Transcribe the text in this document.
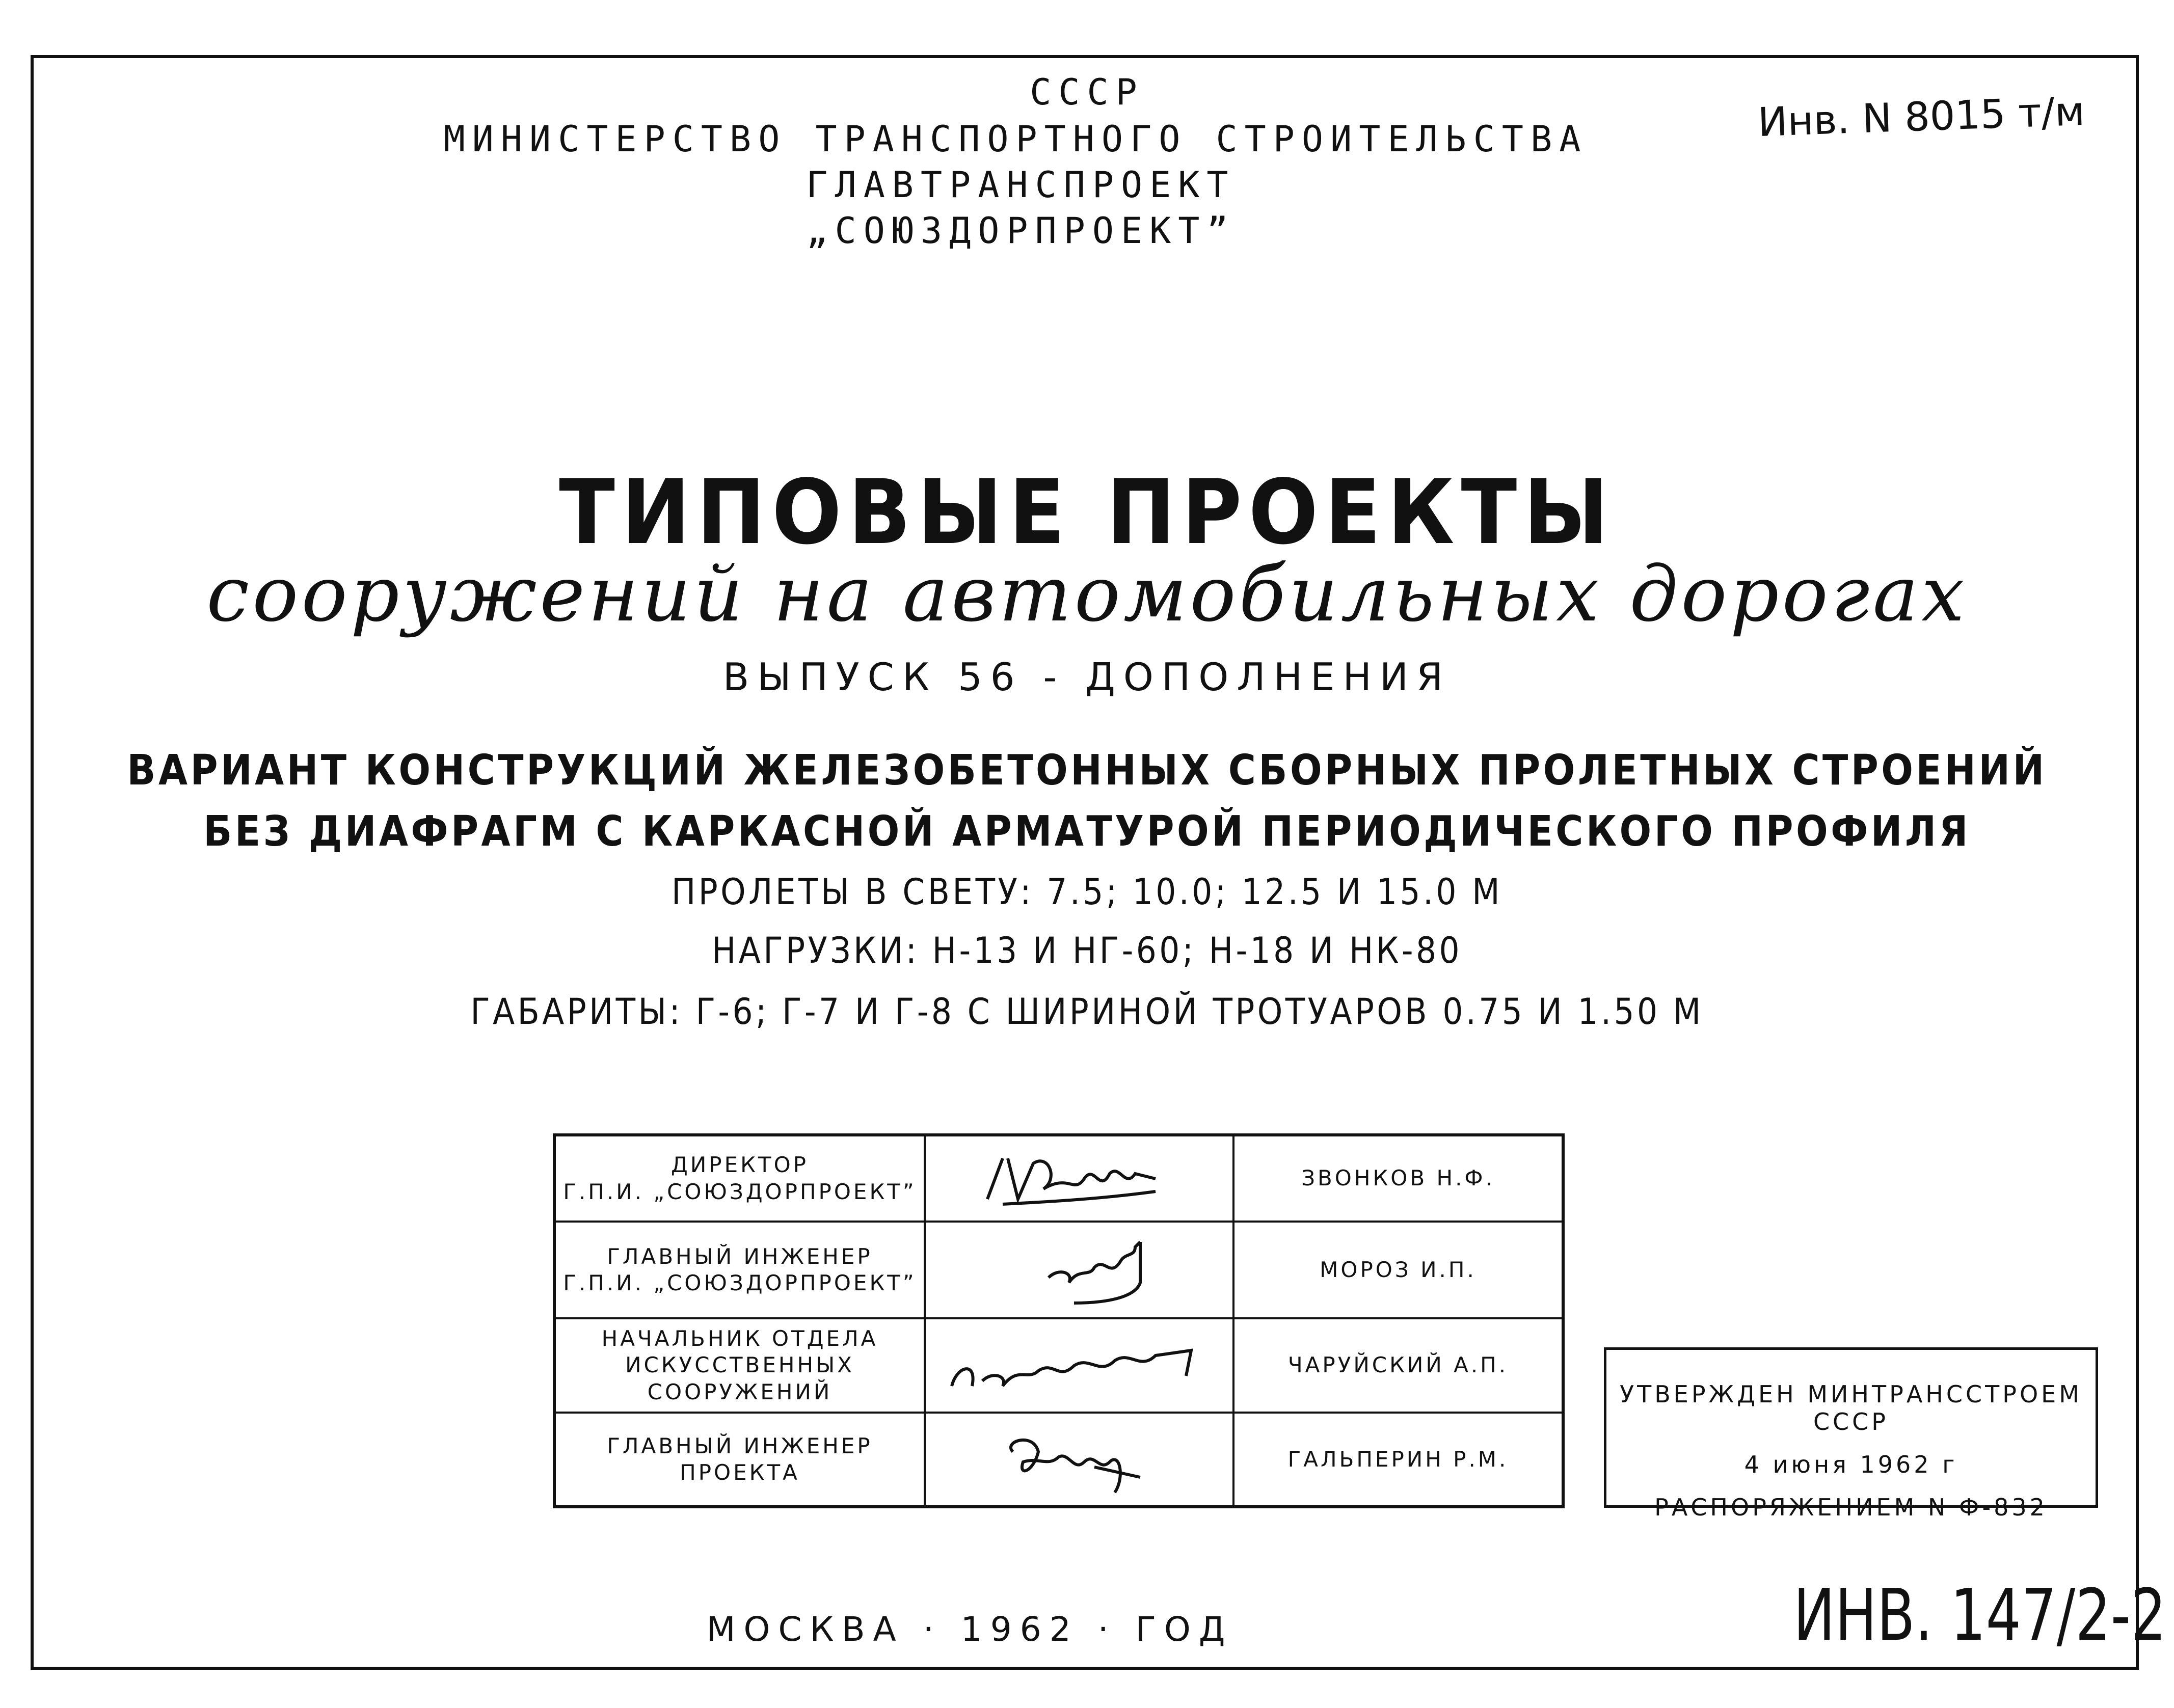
СССР
МИНИСТЕРСТВО ТРАНСПОРТНОГО СТРОИТЕЛЬСТВА
ГЛАВТРАНСПРОЕКТ
„СОЮЗДОРПРОЕКТ”
Инв. N 8015 т/м
ТИПОВЫЕ ПРОЕКТЫ
сооружений на автомобильных дорогах
ВЫПУСК 56 - ДОПОЛНЕНИЯ
ВАРИАНТ КОНСТРУКЦИЙ ЖЕЛЕЗОБЕТОННЫХ СБОРНЫХ ПРОЛЕТНЫХ СТРОЕНИЙ
БЕЗ ДИАФРАГМ С КАРКАСНОЙ АРМАТУРОЙ ПЕРИОДИЧЕСКОГО ПРОФИЛЯ
ПРОЛЕТЫ В СВЕТУ: 7.5; 10.0; 12.5 И 15.0 М
НАГРУЗКИ: Н-13 И НГ-60; Н-18 И НК-80
ГАБАРИТЫ: Г-6; Г-7 И Г-8 С ШИРИНОЙ ТРОТУАРОВ 0.75 И 1.50 М
ДИРЕКТОР
Г.П.И. „СОЮЗДОРПРОЕКТ”		ЗВОНКОВ Н.Ф.

ГЛАВНЫЙ ИНЖЕНЕР
Г.П.И. „СОЮЗДОРПРОЕКТ”		МОРОЗ И.П.

НАЧАЛЬНИК ОТДЕЛА
ИСКУССТВЕННЫХ СООРУЖЕНИЙ		ЧАРУЙСКИЙ А.П.

ГЛАВНЫЙ ИНЖЕНЕР
ПРОЕКТА		ГАЛЬПЕРИН Р.М.
УТВЕРЖДЕН МИНТРАНССТРОЕМ СССР
4 июня 1962 г
РАСПОРЯЖЕНИЕМ N Ф-832
МОСКВА · 1962 · ГОД	ИНВ. 147/2-2
